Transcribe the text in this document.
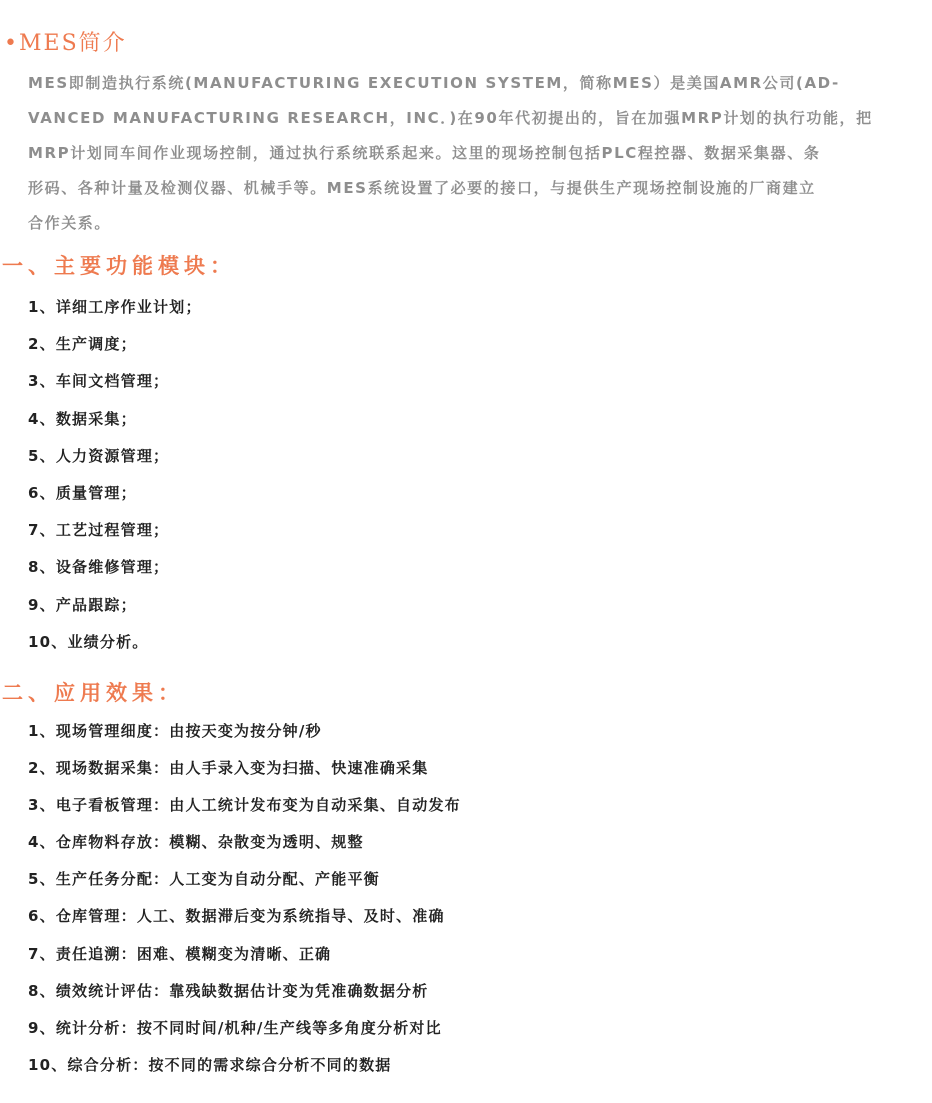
•MES简介

MES即制造执行系统(MANUFACTURING EXECUTION SYSTEM，简称MES）是美国AMR公司(AD-

VANCED MANUFACTURING RESEARCH，INC．)在90年代初提出的，旨在加强MRP计划的执行功能，把

MRP计划同车间作业现场控制，通过执行系统联系起来。这里的现场控制包括PLC程控器、数据采集器、条

形码、各种计量及检测仪器、机械手等。MES系统设置了必要的接口，与提供生产现场控制设施的厂商建立

合作关系。

一、主要功能模块：
1、详细工序作业计划；
2、生产调度；
3、车间文档管理；
4、数据采集；
5、人力资源管理；
6、质量管理；
7、工艺过程管理；
8、设备维修管理；
9、产品跟踪；
10、业绩分析。
二、应用效果：
1、现场管理细度：由按天变为按分钟/秒
2、现场数据采集：由人手录入变为扫描、快速准确采集
3、电子看板管理：由人工统计发布变为自动采集、自动发布
4、仓库物料存放：模糊、杂散变为透明、规整
5、生产任务分配：人工变为自动分配、产能平衡
6、仓库管理：人工、数据滞后变为系统指导、及时、准确
7、责任追溯：困难、模糊变为清晰、正确
8、绩效统计评估：靠残缺数据估计变为凭准确数据分析
9、统计分析：按不同时间/机种/生产线等多角度分析对比
10、综合分析：按不同的需求综合分析不同的数据
